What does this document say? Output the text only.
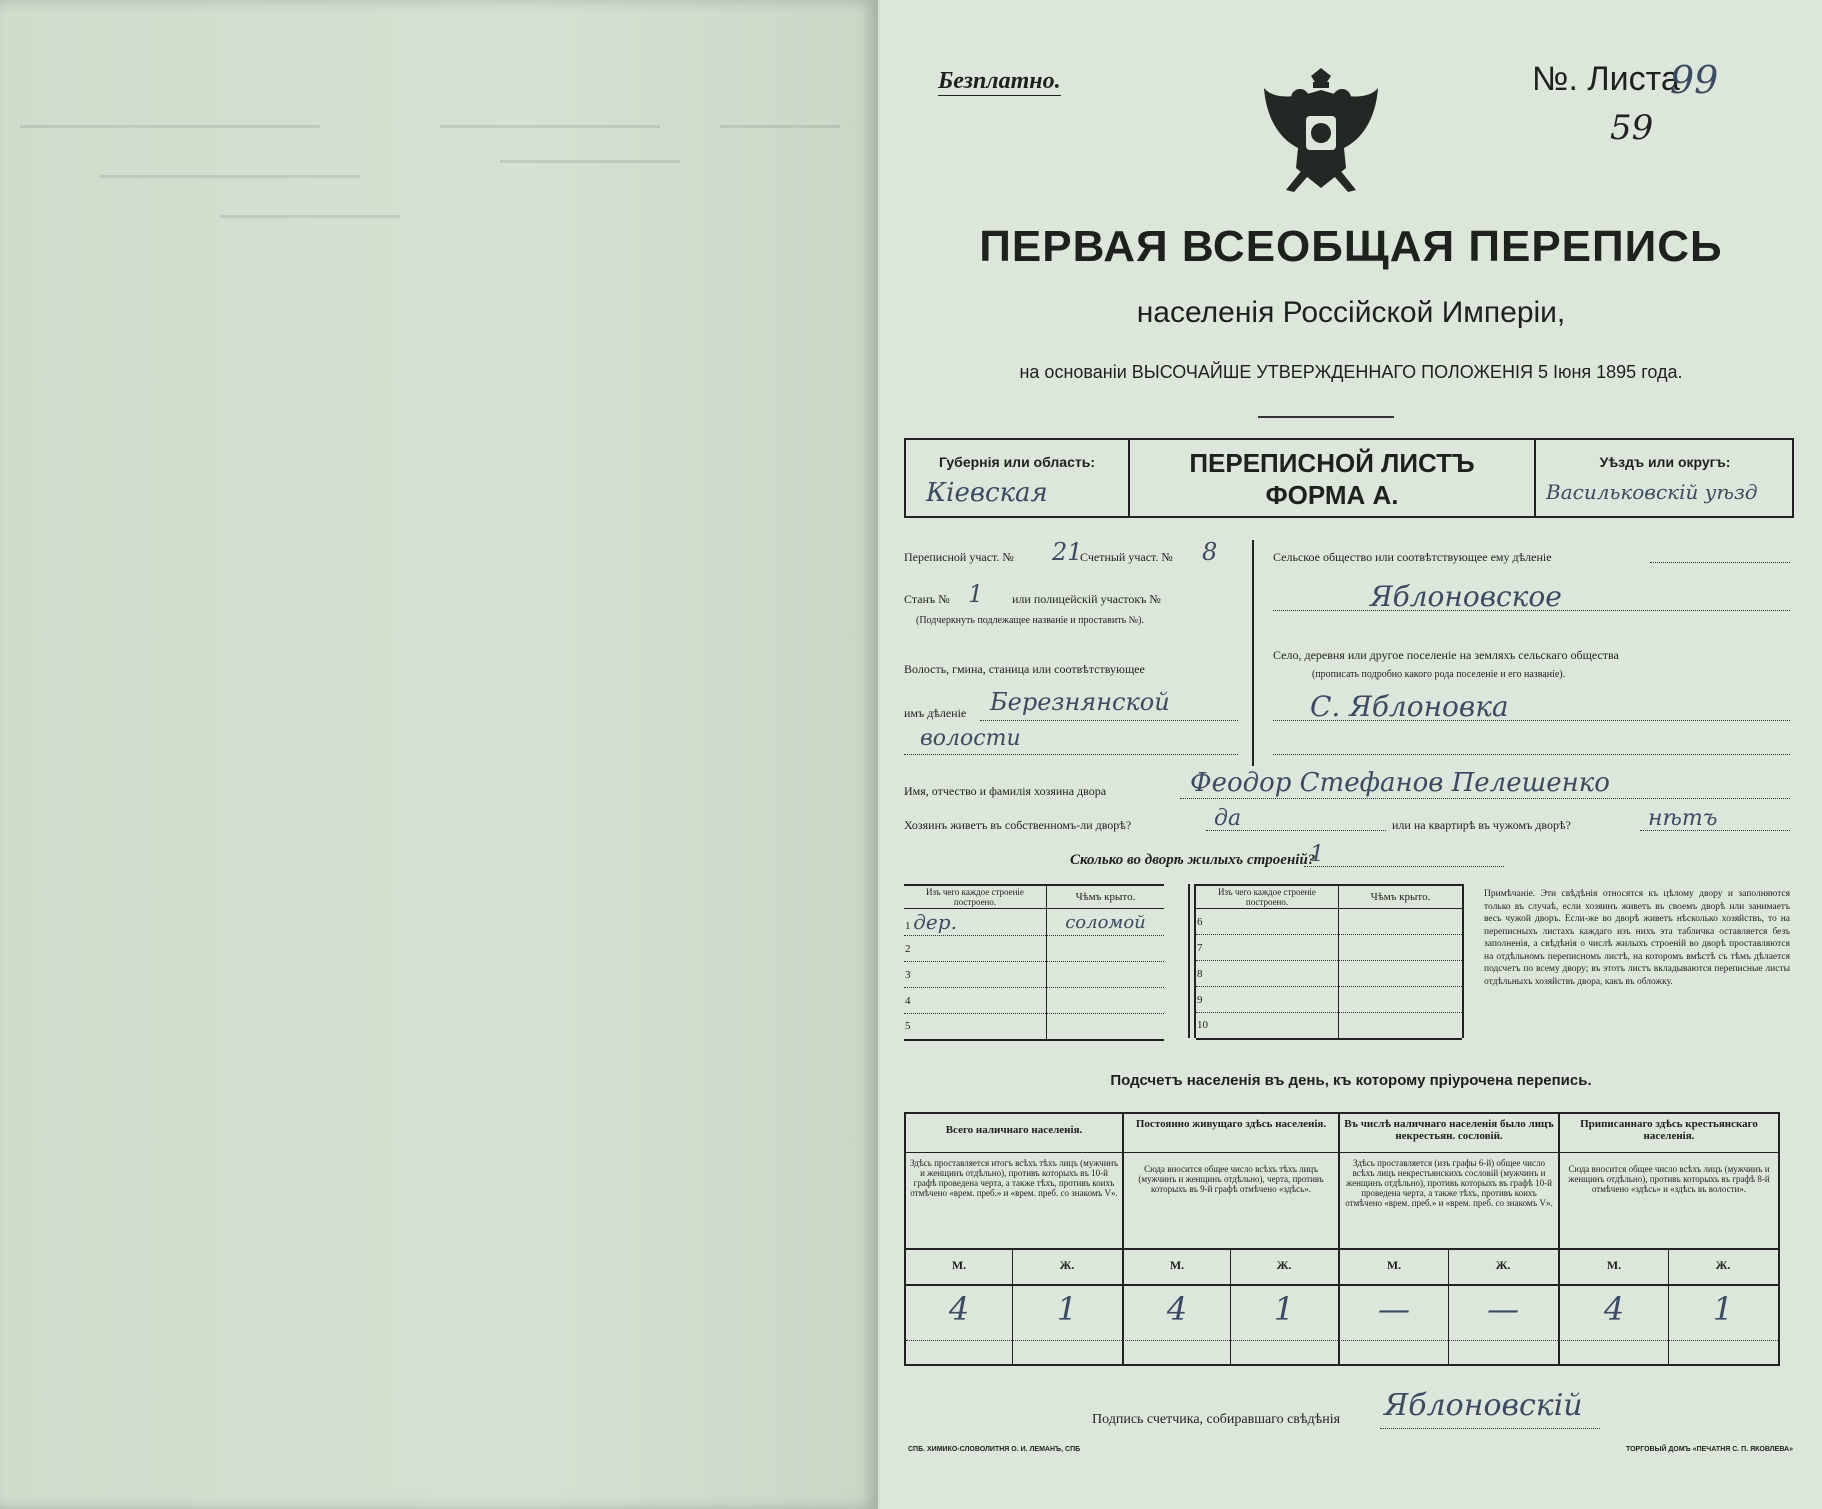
Безплатно.	№. Листа
99
59
ПЕРВАЯ ВСЕОБЩАЯ ПЕРЕПИСЬ
населенія Россійской Имперіи,
на основаніи ВЫСОЧАЙШЕ УТВЕРЖДЕННАГО ПОЛОЖЕНІЯ 5 Іюня 1895 года.
Губернія или область:
Кіевская
ПЕРЕПИСНОЙ ЛИСТЪ
ФОРМА А.
Уѣздъ или округъ:
Васильковскій уѣзд
Переписной участ. № 21
Счетный участ. № 8
Станъ № 1 или полицейскій участокъ №
(Подчеркнуть подлежащее названіе и проставить №).
Волость, гмина, станица или соотвѣтствующее
имъ дѣленіе Березнянской
волости
Сельское общество или соотвѣтствующее ему дѣленіе
Яблоновское
Село, деревня или другое поселеніе на земляхъ сельскаго общества
(прописать подробно какого рода поселеніе и его названіе).
С. Яблоновка
Имя, отчество и фамилія хозяина двора	Феодор Стефанов Пелешенко
Хозяинъ живетъ въ собственномъ-ли дворѣ?	да	или на квартирѣ въ чужомъ дворѣ?	нѣтъ
Сколько во дворѣ жилыхъ строеній?
1
Изъ чего каждое строеніе построено.	Чѣмъ крыто.
1 дер.	соломой
2	
3	
4	
5	
Изъ чего каждое строеніе построено.	Чѣмъ крыто.
6	
7	
8	
9	
10	
Примѣчаніе. Эти свѣдѣнія относятся къ цѣлому двору и заполняются только въ случаѣ, если хозяинъ живетъ въ своемъ дворѣ или занимаетъ весь чужой дворъ. Если-же во дворѣ живетъ нѣсколько хозяйствъ, то на переписныхъ листахъ каждаго изъ нихъ эта табличка оставляется безъ заполненія, а свѣдѣнія о числѣ жилыхъ строеній во дворѣ проставляются на отдѣльномъ переписномъ листѣ, на которомъ вмѣстѣ съ тѣмъ дѣлается подсчетъ по всему двору; въ этотъ листъ вкладываются переписные листы отдѣльныхъ хозяйствъ двора, какъ въ обложку.
Подсчетъ населенія въ день, къ которому пріурочена перепись.
Всего наличнаго населенія.
Здѣсь проставляется итогъ всѣхъ тѣхъ лицъ (мужчинъ и женщинъ отдѣльно), противъ которыхъ въ 10-й графѣ проведена черта, а также тѣхъ, противъ коихъ отмѣчено «врем. преб.» и «врем. преб. со знакомъ V».
Постоянно живущаго здѣсь населенія.
Сюда вносится общее число всѣхъ тѣхъ лицъ (мужчинъ и женщинъ отдѣльно), черта, противъ которыхъ въ 9-й графѣ отмѣчено «здѣсь».
Въ числѣ наличнаго населенія было лицъ некрестьян. сословій.
Здѣсь проставляется (изъ графы 6-й) общее число всѣхъ лицъ некрестьянскихъ сословій (мужчинъ и женщинъ отдѣльно), противъ которыхъ въ графѣ 10-й проведена черта, а также тѣхъ, противъ коихъ отмѣчено «врем. преб.» и «врем. преб. со знакомъ V».
Приписаннаго здѣсь крестьянскаго населенія.
Сюда вносится общее число всѣхъ лицъ (мужчинъ и женщинъ отдѣльно), противъ которыхъ въ графѣ 8-й отмѣчено «здѣсь» и «здѣсь въ волости».
М.	Ж.	М.	Ж.	М.	Ж.	М.	Ж.
4	1	4	1	—	—	4	1
Подпись счетчика, собиравшаго свѣдѣнія Яблоновскій
СПБ. ХИМИКО-СЛОВОЛИТНЯ О. И. ЛЕМАНЪ, СПБ	ТОРГОВЫЙ ДОМЪ «ПЕЧАТНЯ С. П. ЯКОВЛЕВА»
